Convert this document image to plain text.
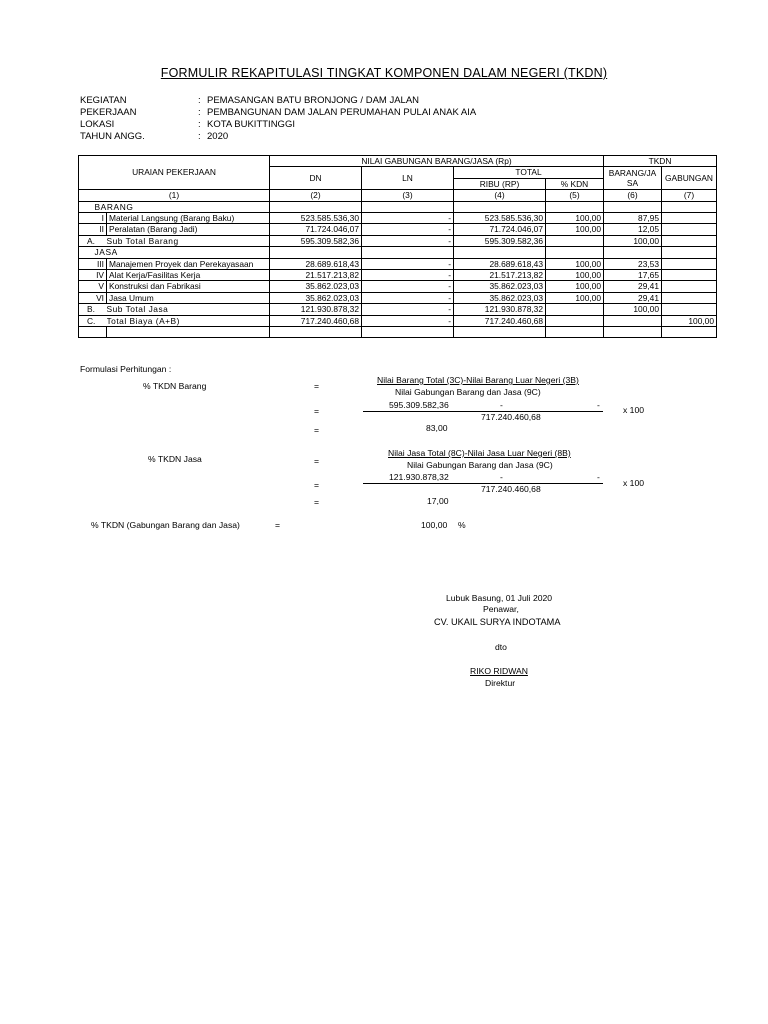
FORMULIR REKAPITULASI TINGKAT KOMPONEN DALAM NEGERI (TKDN)
KEGIATAN	: PEMASANGAN BATU BRONJONG / DAM JALAN
PEKERJAAN	: PEMBANGUNAN DAM JALAN PERUMAHAN PULAI ANAK AIA
LOKASI	: KOTA BUKITTINGGI
TAHUN ANGG.	: 2020
URAIAN PEKERJAAN		NILAI GABUNGAN BARANG/JASA (Rp)				TKDN	
		DN	LN	TOTAL		BARANG/JASA	GABUNGAN
				RIBU (RP)	% KDN		
(1)		(2)	(3)	(4)	(5)	(6)	(7)
	BARANG						
I	Material Langsung (Barang Baku)	523.585.536,30	-	523.585.536,30	100,00	87,95	
II	Peralatan (Barang Jadi)	71.724.046,07	-	71.724.046,07	100,00	12,05	
A.	Sub Total Barang	595.309.582,36	-	595.309.582,36		100,00	
	JASA						
III	Manajemen Proyek dan Perekayasaan	28.689.618,43	-	28.689.618,43	100,00	23,53	
IV	Alat Kerja/Fasilitas Kerja	21.517.213,82	-	21.517.213,82	100,00	17,65	
V	Konstruksi dan Fabrikasi	35.862.023,03	-	35.862.023,03	100,00	29,41	
VI	Jasa Umum	35.862.023,03	-	35.862.023,03	100,00	29,41	
B.	Sub Total Jasa	121.930.878,32	-	121.930.878,32		100,00	
C.	Total Biaya (A+B)	717.240.460,68	-	717.240.460,68			100,00

Formulasi Perhitungan :
% TKDN Barang	=
Nilai Barang Total (3C)-Nilai Barang Luar Negeri (3B)
Nilai Gabungan Barang dan Jasa (9C)
=
595.309.582,36	-	-
717.240.460,68
x 100
=	83,00
% TKDN Jasa	=
Nilai Jasa Total (8C)-Nilai Jasa Luar Negeri (8B)
Nilai Gabungan Barang dan Jasa (9C)
=
121.930.878,32	-	-
717.240.460,68
x 100
=	17,00
% TKDN (Gabungan Barang dan Jasa)	=	100,00 %
Lubuk Basung, 01 Juli 2020
Penawar,
CV. UKAIL SURYA INDOTAMA
dto
RIKO RIDWAN
Direktur
